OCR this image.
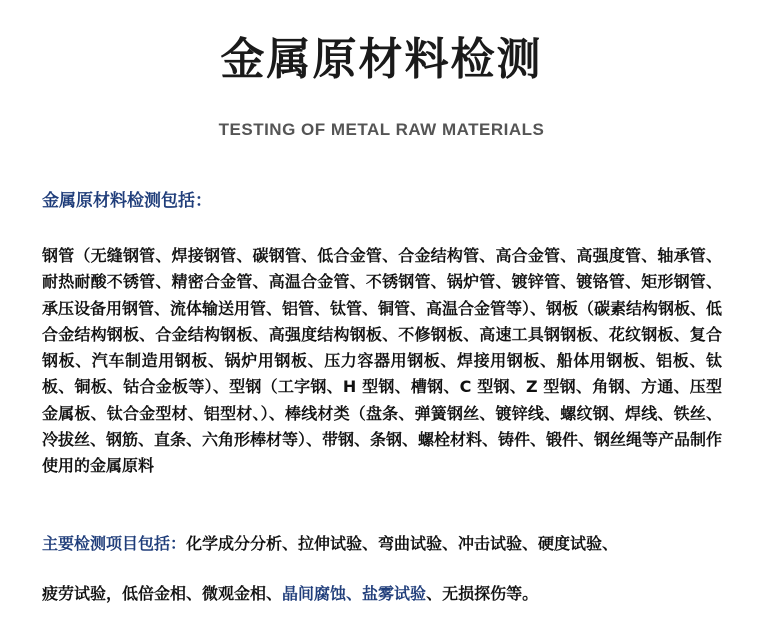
金属原材料检测
TESTING OF METAL RAW MATERIALS
金属原材料检测包括：
钢管（无缝钢管、焊接钢管、碳钢管、低合金管、合金结构管、高合金管、高强度管、轴承管、耐热耐酸不锈管、精密合金管、高温合金管、不锈钢管、锅炉管、镀锌管、镀铬管、矩形钢管、承压设备用钢管、流体输送用管、铝管、钛管、铜管、高温合金管等）、钢板（碳素结构钢板、低合金结构钢板、合金结构钢板、高强度结构钢板、不修钢板、高速工具钢钢板、花纹钢板、复合钢板、汽车制造用钢板、锅炉用钢板、压力容器用钢板、焊接用钢板、船体用钢板、铝板、钛板、铜板、钴合金板等）、型钢（工字钢、H 型钢、槽钢、C 型钢、Z 型钢、角钢、方通、压型金属板、钛合金型材、铝型材、）、棒线材类（盘条、弹簧钢丝、镀锌线、螺纹钢、焊线、铁丝、冷拔丝、钢筋、直条、六角形棒材等）、带钢、条钢、螺栓材料、铸件、锻件、钢丝绳等产品制作使用的金属原料
主要检测项目包括：化学成分分析、拉伸试验、弯曲试验、冲击试验、硬度试验、
疲劳试验，低倍金相、微观金相、晶间腐蚀、盐雾试验、无损探伤等。
